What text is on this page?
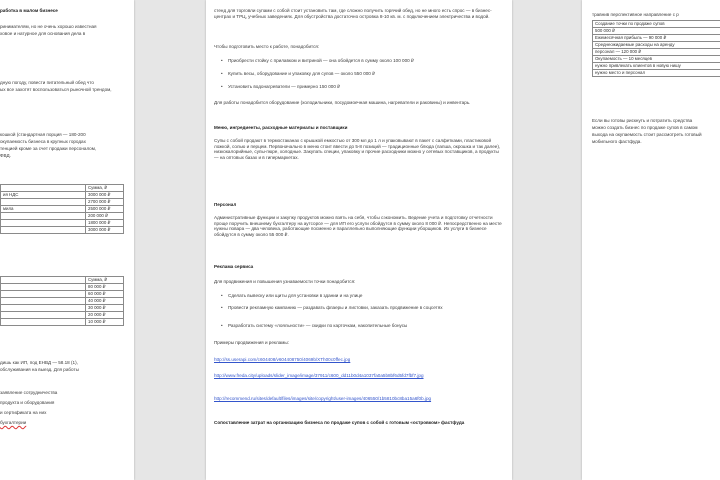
работка в малом бизнесе
ринимателям, но не очень хорошо известная
ховое и натурное для основания дела в
дную погоду, повести питательный обед что
ых все захотят воспользоваться рыночной трендом,
кошкой (стандартная порция — 180-200
окупаемость бизнеса в крупных городах
тенцией кроме за счет продажи персоналом,
ФВД.
	Сумма, ₽
ия НДС	3000 000 ₽
	2700 000 ₽
мила	2500 000 ₽
	200 000 ₽
	1800 000 ₽
	3000 000 ₽
	Сумма, ₽
	80 000 ₽
	60 000 ₽
	40 000 ₽
	30 000 ₽
	20 000 ₽
	10 000 ₽
дишь как ИП, под ЕНВД — 58.18 (1),
обслуживания на выезд. Для работы
заявление сотрудничества
продукта и оборудования
и сертификата на них
бухгалтерии
стенд для торговли супами с собой стоит установить там, где сложно получить горячий обед, но не много есть спрос — в бизнес-центрах и ТРЦ, учебных заведениях. Для обустройства достаточно островка 8-10 кв. м. с подключением электричества и водой.
Чтобы подготовить место к работе, понадобится:
• Приобрести стойку с прилавком и витриной — она обойдется в сумму около 100 000 ₽
• Купить весы, оборудование и упаковку для супов — около 550 000 ₽
• Установить водонагреватели — примерно 150 000 ₽
Для работы понадобится оборудование (холодильники, посудомоечная машина, нагреватели и раковины) и инвентарь.
Меню, ингредиенты, расходные материалы и поставщики
Супы с собой продают в термостаканах с крышкой емкостью от 300 мл до 1 л и упаковывают в пакет с салфетками, пластиковой ложкой, солью и перцем. Первоначально в меню стоит ввести до 5-8 позиций — традиционные блюда (лапша, окрошка и так далее), низкокалорийные, супы-пюре, холодные. Закупать специи, упаковку и прочие расходники можно у сетевых поставщиков, а продукты — на оптовых базах и в гипермаркетах.
Персонал
Административные функции и закупку продуктов можно взять на себя, чтобы сэкономить. Ведение учета и подготовку отчетности проще поручить внешнему бухгалтеру на аутсорсе — для ИП его услуги обойдутся в сумму около 8 000 ₽. Непосредственно на месте нужны повара — два человека, работающие посменно и параллельно выполняющие функции уборщиков. Их услуги в бизнесе обойдутся в сумму около 55 000 ₽.
Реклама сервиса
Для продвижения и повышения узнаваемости точки понадобится:
• Сделать вывеску или щиты для установки в здании и на улице
• Провести рекламную кампанию — раздавать флаеры и листовки, заказать продвижение в соцсетях
• Разработать систему «лояльности» — скидки по карточкам, накопительные бонусы
Примеры продвижения и рекламы:
http://ss.userapi.com/c604408/v604408750/4069b/XTh00c0ffec.jpg
http://www.freda.city/uploads/slider_image/image/37911/c600_dd11b0d4a1037fa0a5b8bf6d5fd7fbf7.jpg
http://recommend.ru/sites/default/files/images/site/copyright/user-images/406550/1b5810bc8ba15a6f0b.jpg
Сопоставление затрат на организацию бизнеса по продаже супов с собой с готовым «островком» фастфуда
травнив перспективное направление с р
Создание точки по продаже супов
500 000 ₽
Ежемесячная прибыль — 90 000 ₽
Среднеожидаемые расходы на аренду
персонал — 120 000 ₽
Окупаемость — 10 месяцев
нужно привлекать клиентов в новую нишу
нужно место и персонал
Если вы готовы рискнуть и потратить средства
можно создать бизнес по продаже супов в самом
выхода на окупаемость стоит рассмотреть готовый
мобильного фастфуда.
